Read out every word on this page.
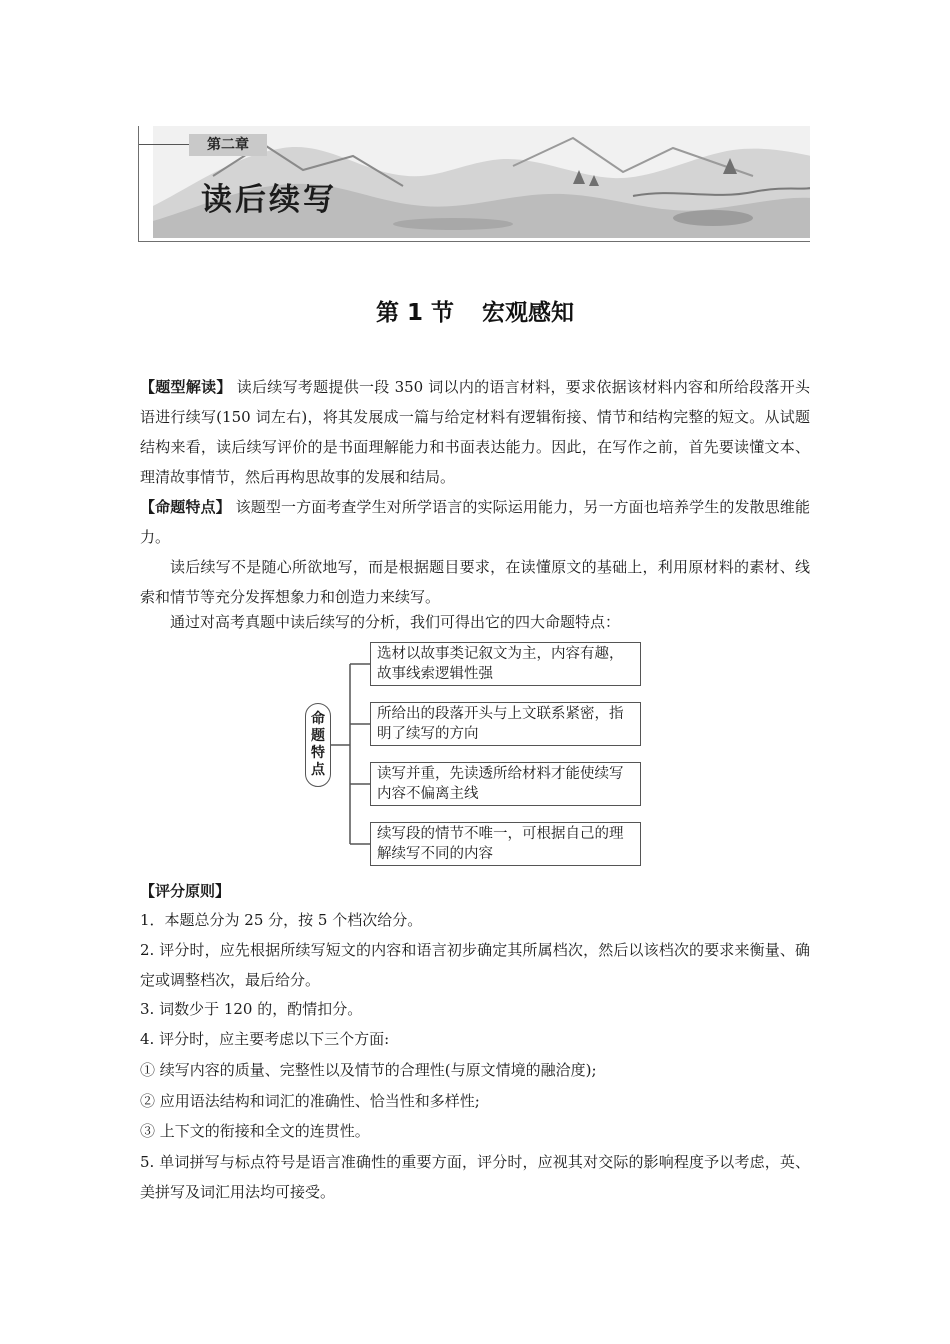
第二章
读后续写
第 1 节 宏观感知

【题型解读】 读后续写考题提供一段 350 词以内的语言材料，要求依据该材料内容和所给段落开头语进行续写(150 词左右)，将其发展成一篇与给定材料有逻辑衔接、情节和结构完整的短文。从试题结构来看，读后续写评价的是书面理解能力和书面表达能力。因此，在写作之前，首先要读懂文本、理清故事情节，然后再构思故事的发展和结局。

【命题特点】 该题型一方面考查学生对所学语言的实际运用能力，另一方面也培养学生的发散思维能力。

读后续写不是随心所欲地写，而是根据题目要求，在读懂原文的基础上，利用原材料的素材、线索和情节等充分发挥想象力和创造力来续写。

通过对高考真题中读后续写的分析，我们可得出它的四大命题特点：

命题特点
选材以故事类记叙文为主，内容有趣，故事线索逻辑性强
所给出的段落开头与上文联系紧密，指明了续写的方向
读写并重，先读透所给材料才能使续写内容不偏离主线
续写段的情节不唯一，可根据自己的理解续写不同的内容

【评分原则】

1．本题总分为 25 分，按 5 个档次给分。

2. 评分时，应先根据所续写短文的内容和语言初步确定其所属档次，然后以该档次的要求来衡量、确定或调整档次，最后给分。

3. 词数少于 120 的，酌情扣分。

4. 评分时，应主要考虑以下三个方面:

① 续写内容的质量、完整性以及情节的合理性(与原文情境的融洽度);

② 应用语法结构和词汇的准确性、恰当性和多样性;

③ 上下文的衔接和全文的连贯性。

5. 单词拼写与标点符号是语言准确性的重要方面，评分时，应视其对交际的影响程度予以考虑，英、美拼写及词汇用法均可接受。
